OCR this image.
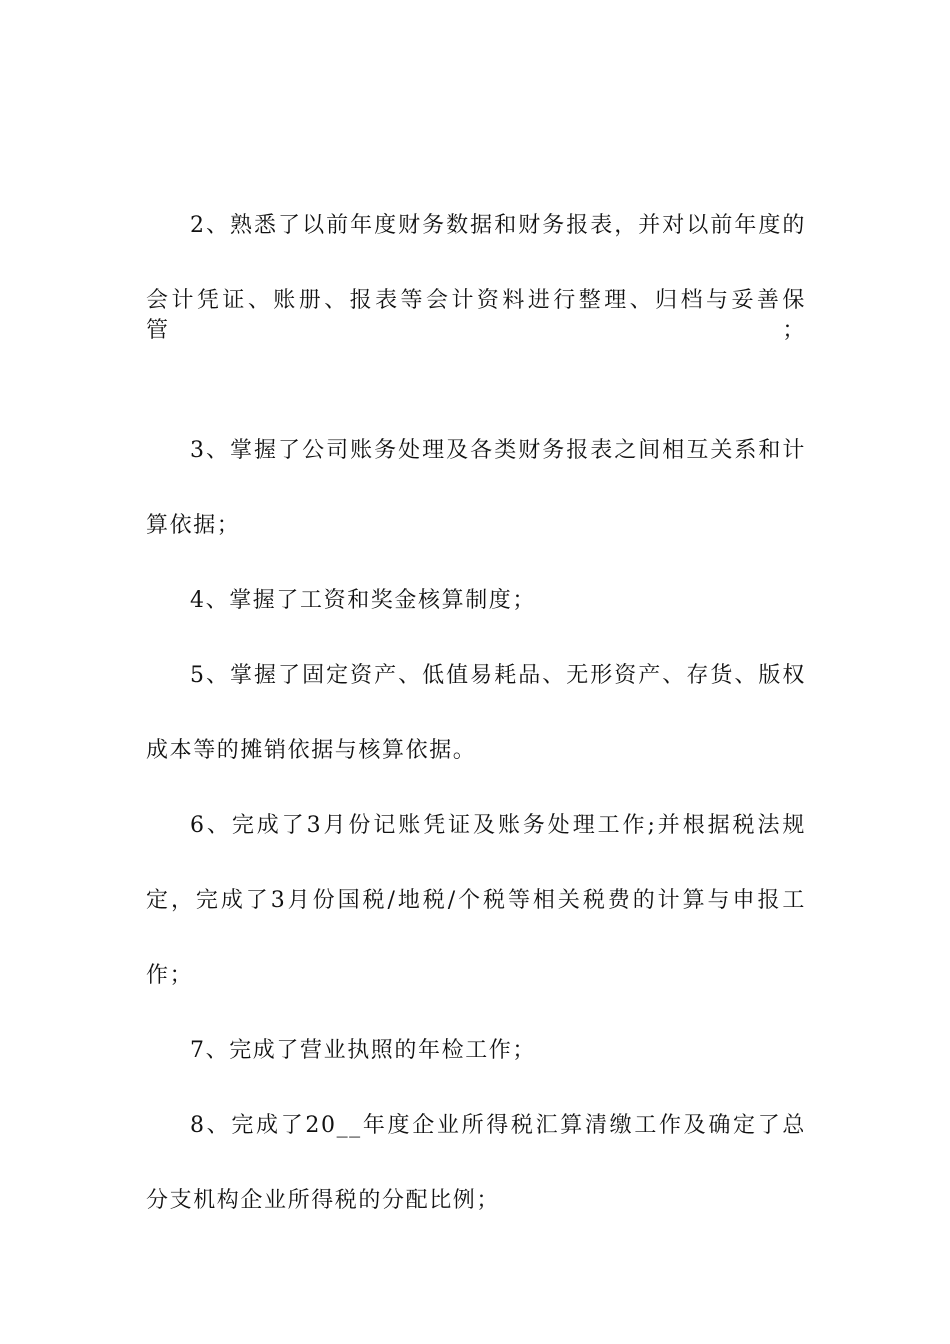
2、熟悉了以前年度财务数据和财务报表，并对以前年度的
会计凭证、账册、报表等会计资料进行整理、归档与妥善保管；
3、掌握了公司账务处理及各类财务报表之间相互关系和计
算依据；
4、掌握了工资和奖金核算制度；
5、掌握了固定资产、低值易耗品、无形资产、存货、版权
成本等的摊销依据与核算依据。
6、完成了3月份记账凭证及账务处理工作;并根据税法规
定，完成了3月份国税/地税/个税等相关税费的计算与申报工
作；
7、完成了营业执照的年检工作；
8、完成了20__年度企业所得税汇算清缴工作及确定了总
分支机构企业所得税的分配比例；
